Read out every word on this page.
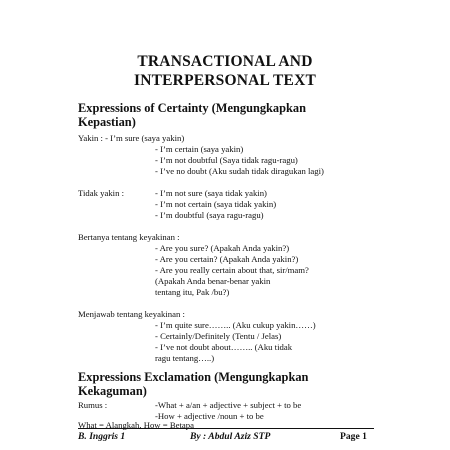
TRANSACTIONAL AND
INTERPERSONAL TEXT
Expressions of Certainty (Mengungkapkan
Kepastian)
Yakin : - I’m sure (saya yakin)
- I’m certain (saya yakin)
- I’m not doubtful (Saya tidak ragu-ragu)
- I’ve no doubt (Aku sudah tidak diragukan lagi)
Tidak yakin :	- I’m not sure (saya tidak yakin)
- I’m not certain (saya tidak yakin)
- I’m doubtful (saya ragu-ragu)
Bertanya tentang keyakinan :
- Are you sure? (Apakah Anda yakin?)
- Are you certain? (Apakah Anda yakin?)
- Are you really certain about that, sir/mam?
(Apakah Anda benar-benar yakin
tentang itu, Pak /bu?)
Menjawab tentang keyakinan :
- I’m quite sure…….. (Aku cukup yakin……)
- Certainly/Definitely (Tentu / Jelas)
- I’ve not doubt about…….. (Aku tidak
ragu tentang…..)
Expressions Exclamation (Mengungkapkan
Kekaguman)
Rumus :	-What + a/an + adjective + subject + to be
-How + adjective /noun + to be
What = Alangkah, How = Betapa
B. Inggris 1	By : Abdul Aziz STP	Page 1
